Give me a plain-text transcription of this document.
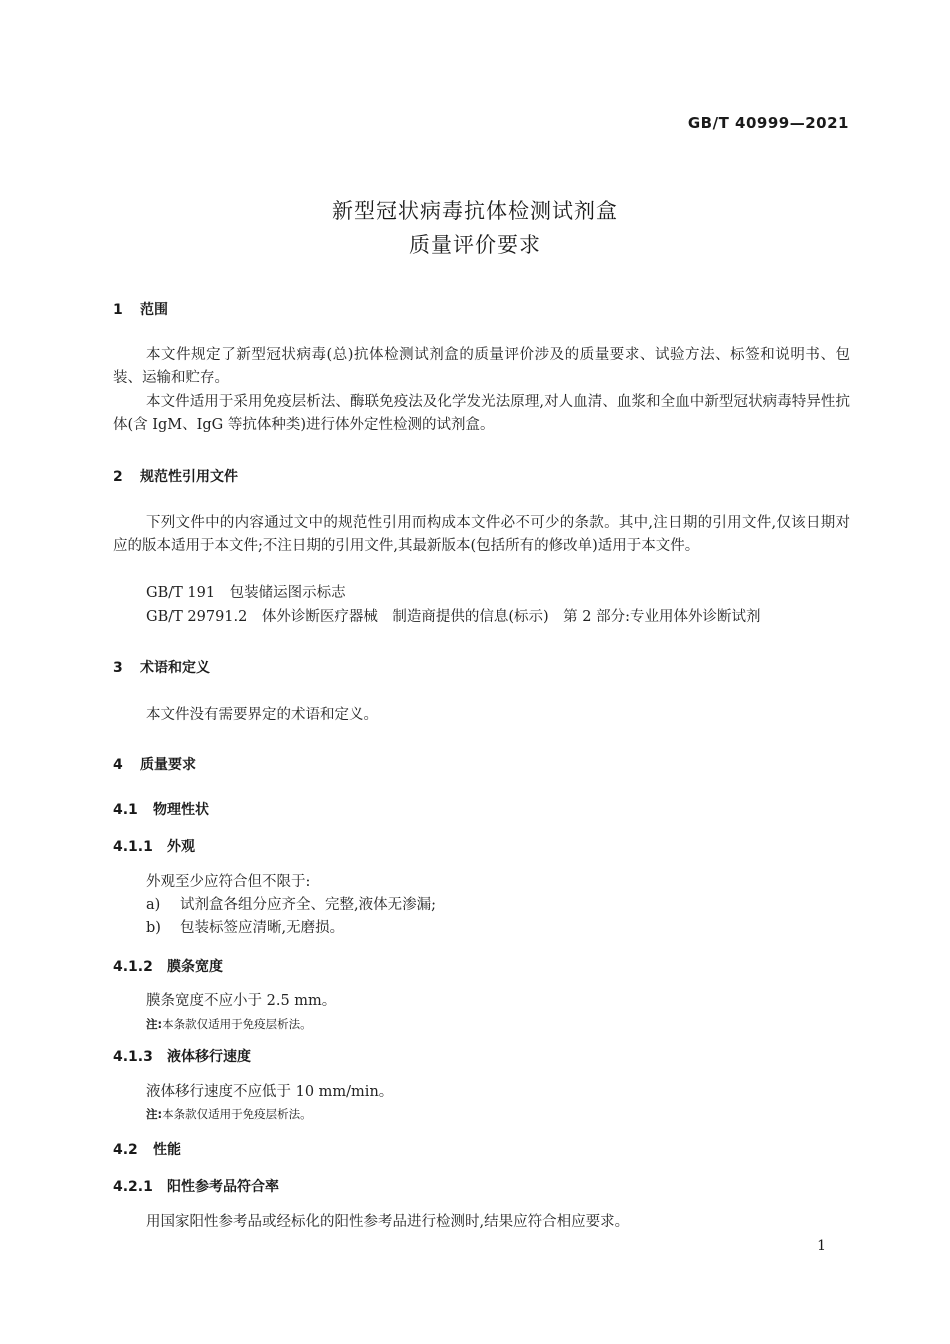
GB/T 40999—2021
新型冠状病毒抗体检测试剂盒
质量评价要求
1 范围
本文件规定了新型冠状病毒(总)抗体检测试剂盒的质量评价涉及的质量要求、试验方法、标签和说明书、包装、运输和贮存。
本文件适用于采用免疫层析法、酶联免疫法及化学发光法原理,对人血清、血浆和全血中新型冠状病毒特异性抗体(含 IgM、IgG 等抗体种类)进行体外定性检测的试剂盒。
2 规范性引用文件
下列文件中的内容通过文中的规范性引用而构成本文件必不可少的条款。其中,注日期的引用文件,仅该日期对应的版本适用于本文件;不注日期的引用文件,其最新版本(包括所有的修改单)适用于本文件。
GB/T 191　包装储运图示标志
GB/T 29791.2　体外诊断医疗器械　制造商提供的信息(标示)　第 2 部分:专业用体外诊断试剂
3 术语和定义
本文件没有需要界定的术语和定义。
4 质量要求
4.1 物理性状
4.1.1 外观
外观至少应符合但不限于:
a) 试剂盒各组分应齐全、完整,液体无渗漏;
b) 包装标签应清晰,无磨损。
4.1.2 膜条宽度
膜条宽度不应小于 2.5 mm。
注:本条款仅适用于免疫层析法。
4.1.3 液体移行速度
液体移行速度不应低于 10 mm/min。
注:本条款仅适用于免疫层析法。
4.2 性能
4.2.1 阳性参考品符合率
用国家阳性参考品或经标化的阳性参考品进行检测时,结果应符合相应要求。
1
